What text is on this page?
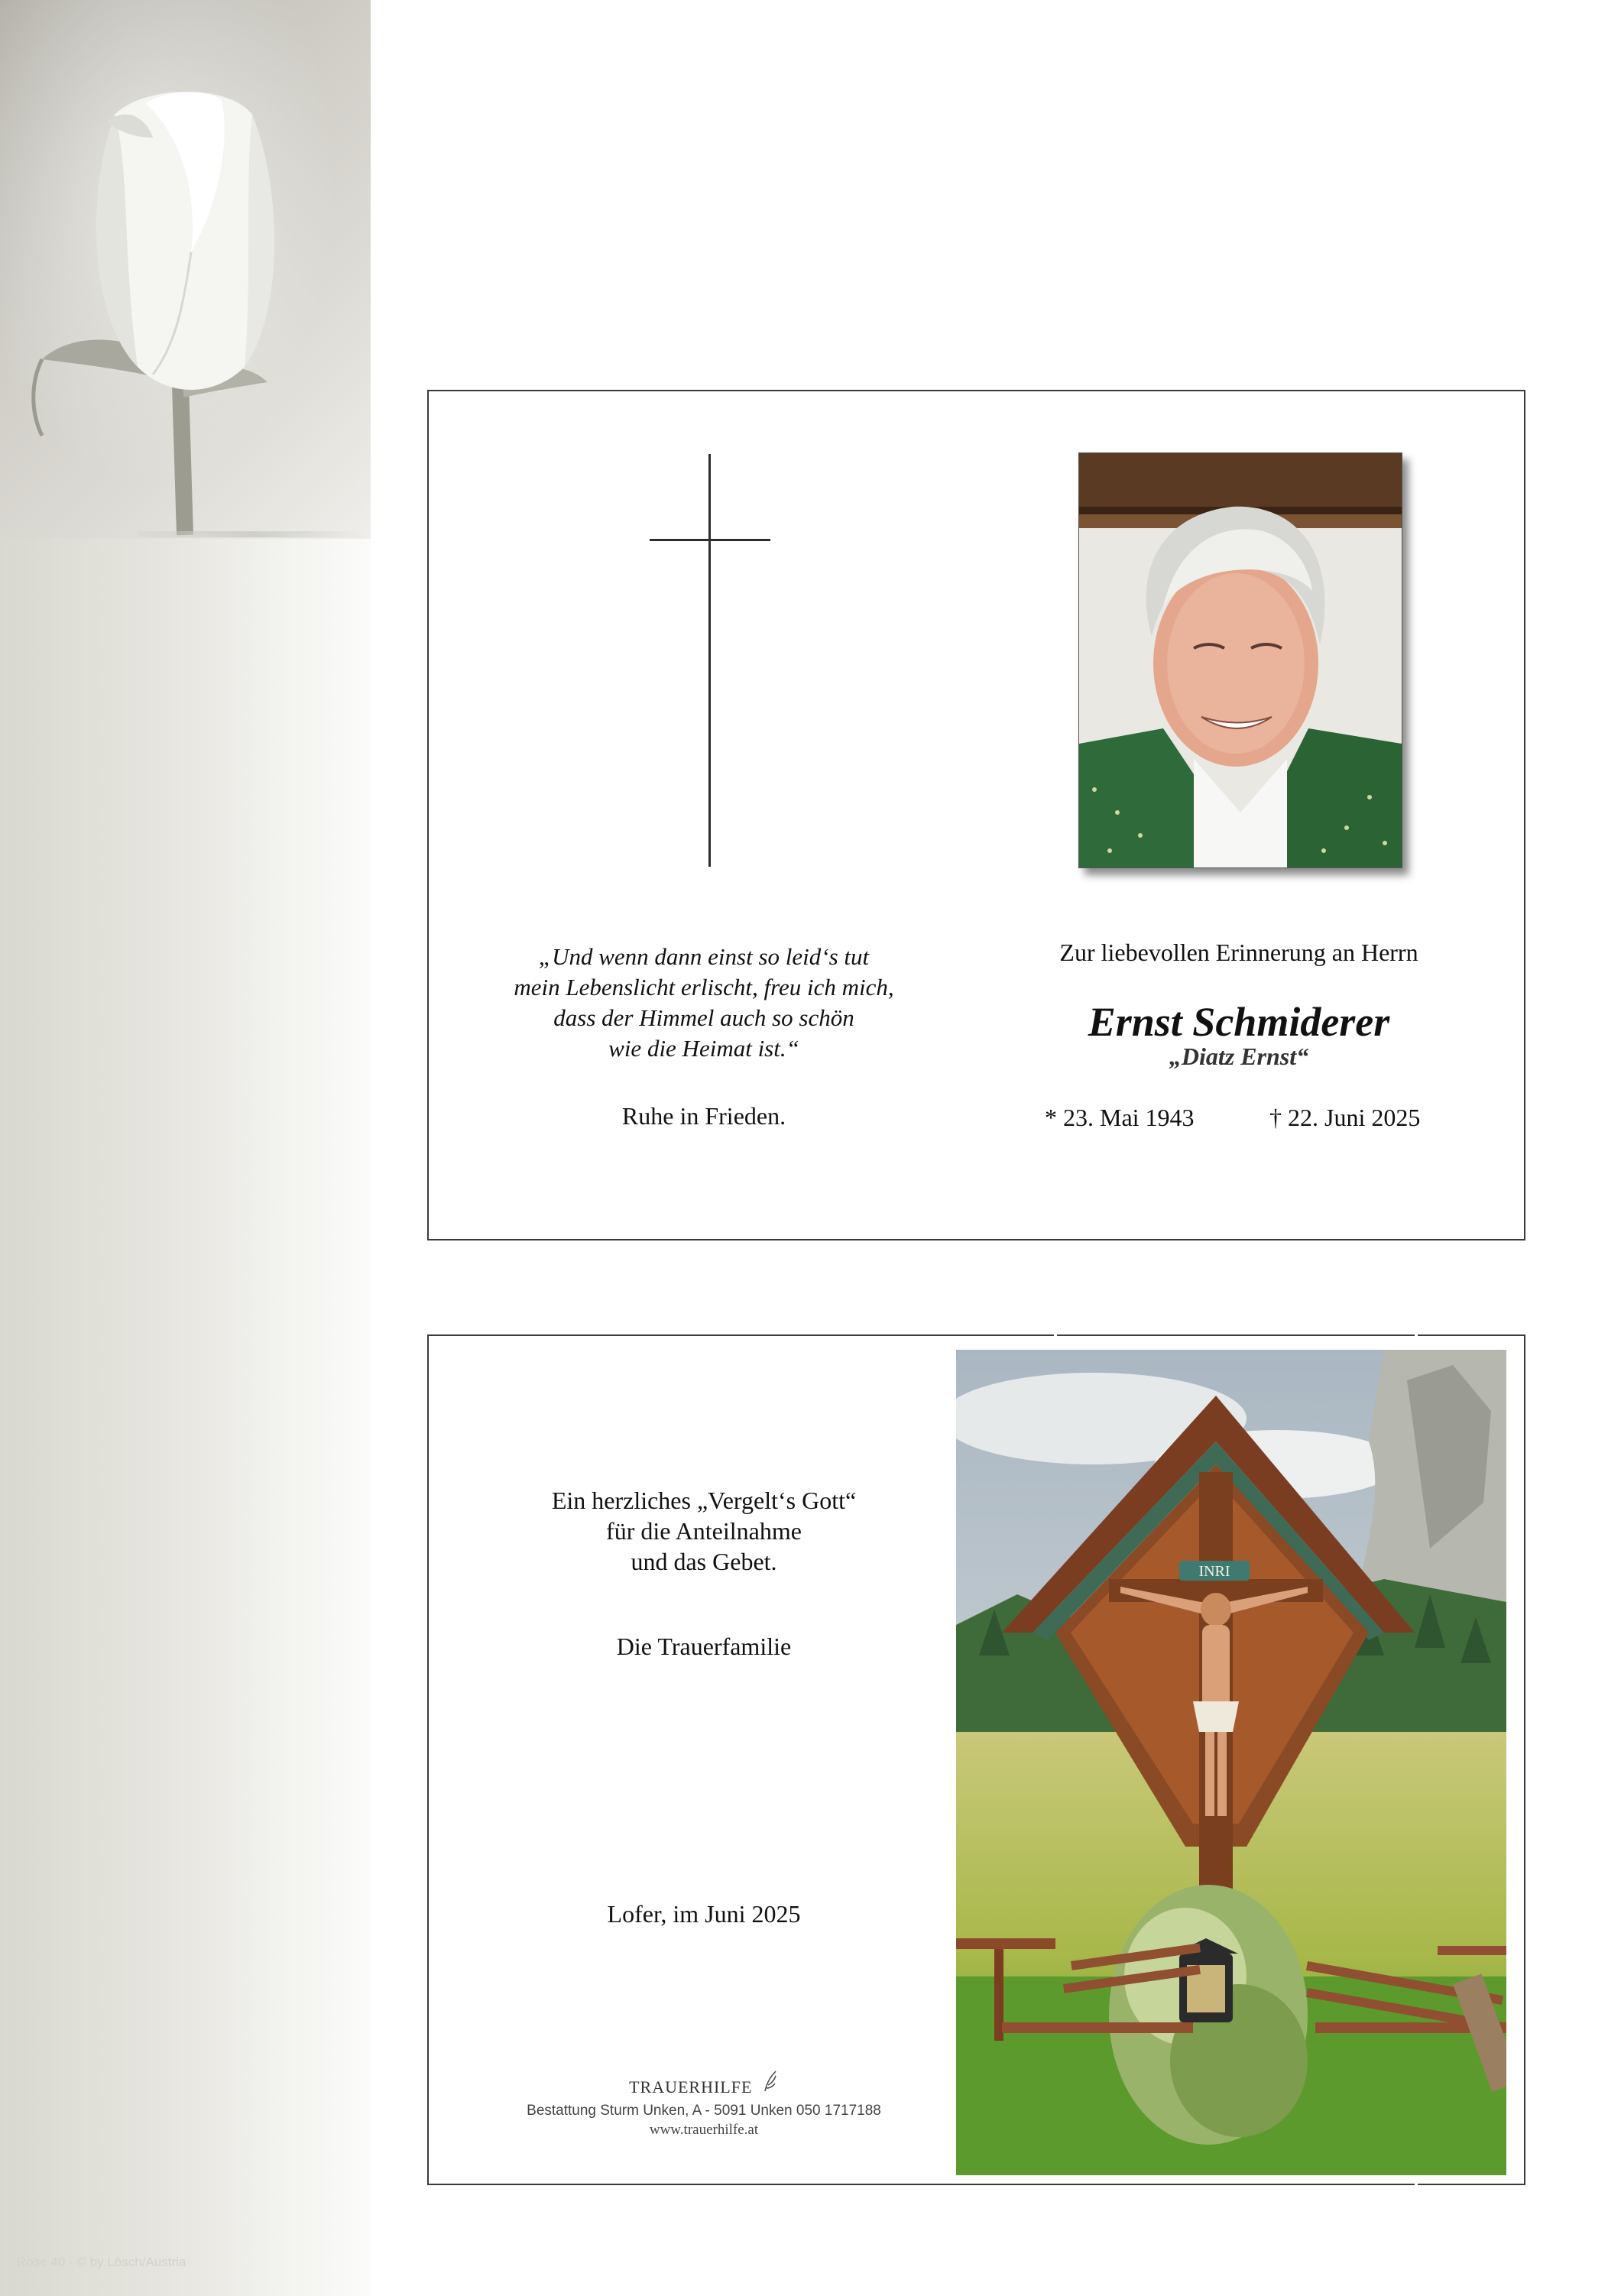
Rose 40 · © by Lösch/Austria
„Und wenn dann einst so leid‘s tut
mein Lebenslicht erlischt, freu ich mich,
dass der Himmel auch so schön
wie die Heimat ist.“
Ruhe in Frieden.
Zur liebevollen Erinnerung an Herrn
Ernst Schmiderer
„Diatz Ernst“
* 23. Mai 1943	† 22. Juni 2025
Ein herzliches „Vergelt‘s Gott“
für die Anteilnahme
und das Gebet.
Die Trauerfamilie
Lofer, im Juni 2025
TRAUERHILFE
Bestattung Sturm Unken, A - 5091 Unken 050 1717188
www.trauerhilfe.at
INRI
